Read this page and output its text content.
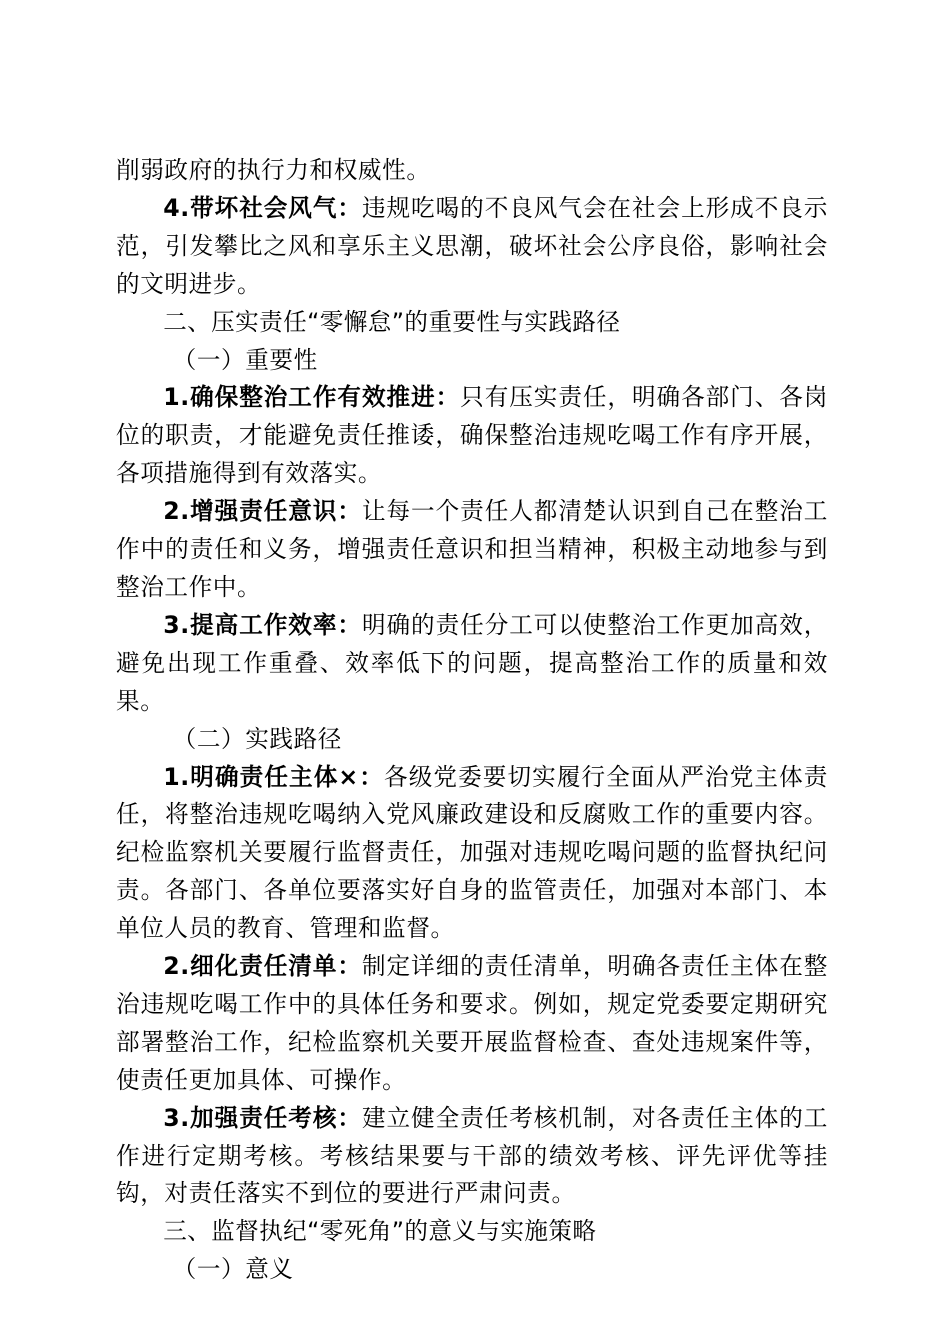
削弱政府的执行力和权威性。

4.带坏社会风气：违规吃喝的不良风气会在社会上形成不良示范，引发攀比之风和享乐主义思潮，破坏社会公序良俗，影响社会的文明进步。

二、压实责任“零懈怠”的重要性与实践路径

（一）重要性

1.确保整治工作有效推进：只有压实责任，明确各部门、各岗位的职责，才能避免责任推诿，确保整治违规吃喝工作有序开展，各项措施得到有效落实。

2.增强责任意识：让每一个责任人都清楚认识到自己在整治工作中的责任和义务，增强责任意识和担当精神，积极主动地参与到整治工作中。

3.提高工作效率：明确的责任分工可以使整治工作更加高效，避免出现工作重叠、效率低下的问题，提高整治工作的质量和效果。

（二）实践路径

1.明确责任主体×：各级党委要切实履行全面从严治党主体责任，将整治违规吃喝纳入党风廉政建设和反腐败工作的重要内容。纪检监察机关要履行监督责任，加强对违规吃喝问题的监督执纪问责。各部门、各单位要落实好自身的监管责任，加强对本部门、本单位人员的教育、管理和监督。

2.细化责任清单：制定详细的责任清单，明确各责任主体在整治违规吃喝工作中的具体任务和要求。例如，规定党委要定期研究部署整治工作，纪检监察机关要开展监督检查、查处违规案件等，使责任更加具体、可操作。

3.加强责任考核：建立健全责任考核机制，对各责任主体的工作进行定期考核。考核结果要与干部的绩效考核、评先评优等挂钩，对责任落实不到位的要进行严肃问责。

三、监督执纪“零死角”的意义与实施策略

（一）意义
